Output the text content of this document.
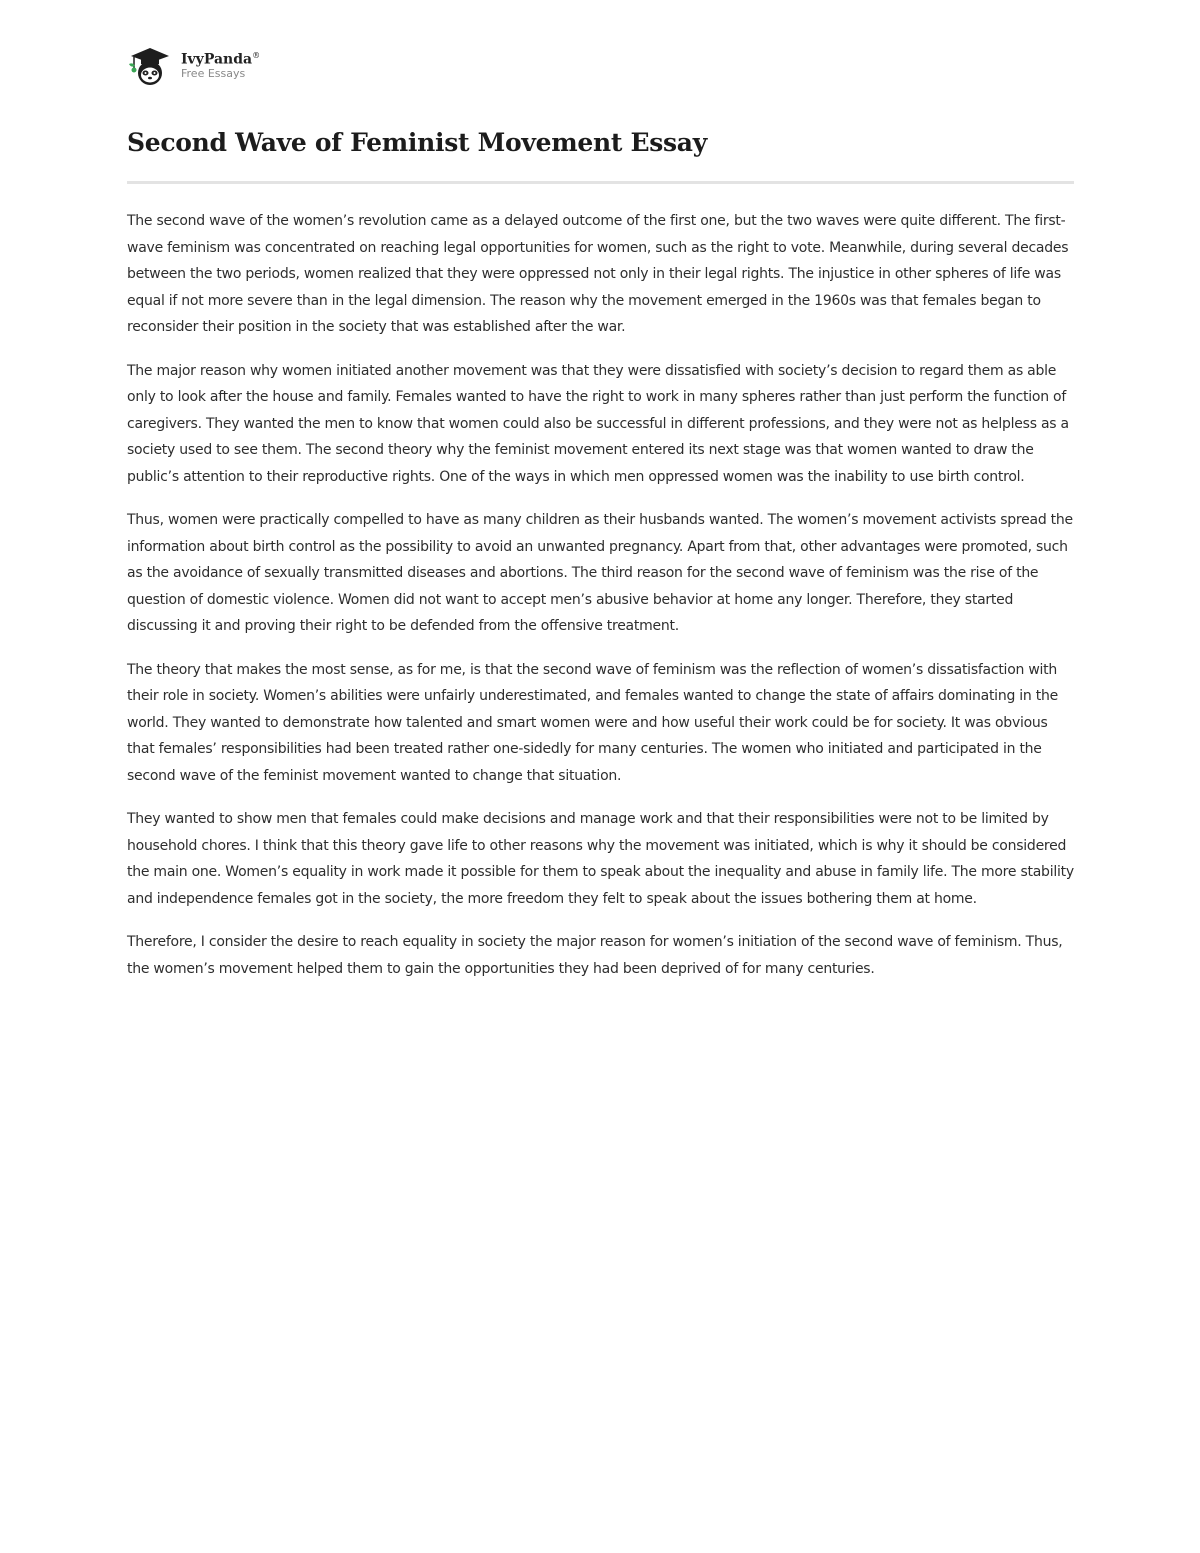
IvyPanda®
Free Essays
Second Wave of Feminist Movement Essay

The second wave of the women’s revolution came as a delayed outcome of the first one, but the two waves were quite different. The first-wave feminism was concentrated on reaching legal opportunities for women, such as the right to vote. Meanwhile, during several decades between the two periods, women realized that they were oppressed not only in their legal rights. The injustice in other spheres of life was equal if not more severe than in the legal dimension. The reason why the movement emerged in the 1960s was that females began to reconsider their position in the society that was established after the war.

The major reason why women initiated another movement was that they were dissatisfied with society’s decision to regard them as able only to look after the house and family. Females wanted to have the right to work in many spheres rather than just perform the function of caregivers. They wanted the men to know that women could also be successful in different professions, and they were not as helpless as a society used to see them. The second theory why the feminist movement entered its next stage was that women wanted to draw the public’s attention to their reproductive rights. One of the ways in which men oppressed women was the inability to use birth control.

Thus, women were practically compelled to have as many children as their husbands wanted. The women’s movement activists spread the information about birth control as the possibility to avoid an unwanted pregnancy. Apart from that, other advantages were promoted, such as the avoidance of sexually transmitted diseases and abortions. The third reason for the second wave of feminism was the rise of the question of domestic violence. Women did not want to accept men’s abusive behavior at home any longer. Therefore, they started discussing it and proving their right to be defended from the offensive treatment.

The theory that makes the most sense, as for me, is that the second wave of feminism was the reflection of women’s dissatisfaction with their role in society. Women’s abilities were unfairly underestimated, and females wanted to change the state of affairs dominating in the world. They wanted to demonstrate how talented and smart women were and how useful their work could be for society. It was obvious that females’ responsibilities had been treated rather one-sidedly for many centuries. The women who initiated and participated in the second wave of the feminist movement wanted to change that situation.

They wanted to show men that females could make decisions and manage work and that their responsibilities were not to be limited by household chores. I think that this theory gave life to other reasons why the movement was initiated, which is why it should be considered the main one. Women’s equality in work made it possible for them to speak about the inequality and abuse in family life. The more stability and independence females got in the society, the more freedom they felt to speak about the issues bothering them at home.

Therefore, I consider the desire to reach equality in society the major reason for women’s initiation of the second wave of feminism. Thus, the women’s movement helped them to gain the opportunities they had been deprived of for many centuries.
